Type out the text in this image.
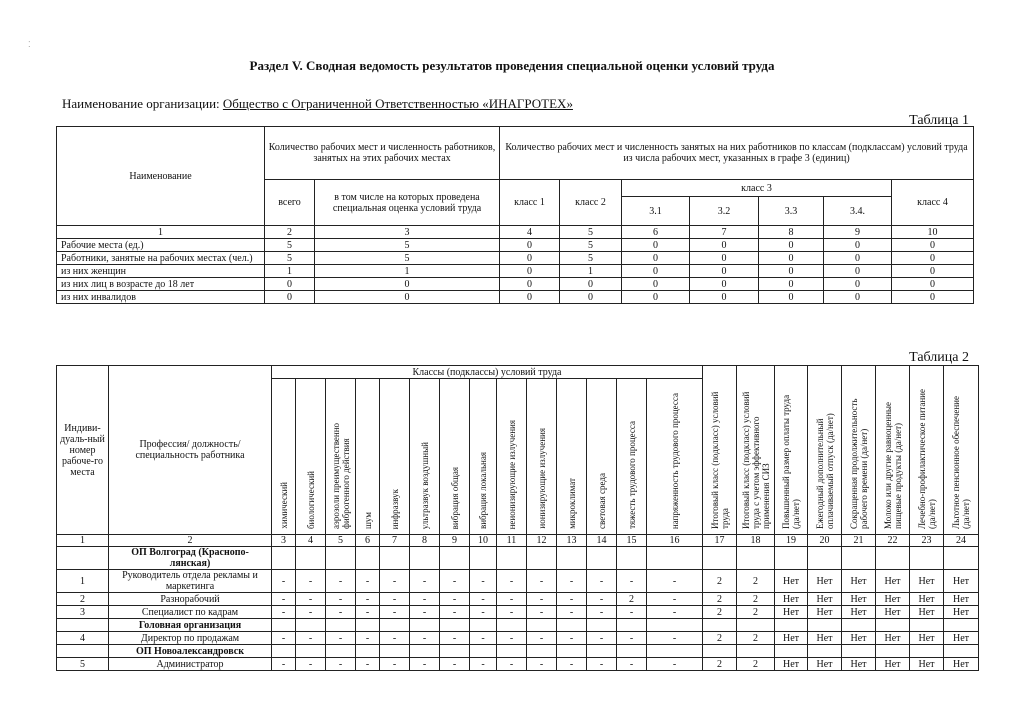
⁚
Раздел V. Сводная ведомость результатов проведения специальной оценки условий труда
Наименование организации: Общество с Ограниченной Ответственностью «ИНАГРОТЕХ»
Таблица 1
Наименование	Количество рабочих мест и численность работников, занятых на этих рабочих местах		Количество рабочих мест и численность занятых на них работников по классам (подклассам) условий труда из числа рабочих мест, указанных в графе 3 (единиц)						
	всего	в том числе на которых проведена специальная оценка условий труда	класс 1	класс 2	класс 3				класс 4
					3.1	3.2	3.3	3.4.	
1	2	3	4	5	6	7	8	9	10
Рабочие места (ед.)	5	5	0	5	0	0	0	0	0
Работники, занятые на рабочих местах (чел.)	5	5	0	5	0	0	0	0	0
из них женщин	1	1	0	1	0	0	0	0	0
из них лиц в возрасте до 18 лет	0	0	0	0	0	0	0	0	0
из них инвалидов	0	0	0	0	0	0	0	0	0
Таблица 2
Индиви-дуаль-ный номер рабоче-го места	Профессия/ должность/ специальность работника	Классы (подклассы) условий труда														Итоговый класс (подкласс) условий труда	Итоговый класс (подкласс) условий труда с учетом эффективного применения СИЗ	Повышенный размер оплаты труда (да/нет)	Ежегодный дополнительный оплачиваемый отпуск (да/нет)	Сокращенная продолжительность рабочего времени (да/нет)	Молоко или другие равноценные пищевые продукты (да/нет)	Лечебно-профилактическое питание (да/нет)	Льготное пенсионное обеспечение (да/нет)
		химический	биологический	аэрозоли преимущественно фиброгенного действия	шум	инфразвук	ультразвук воздушный	вибрация общая	вибрация локальная	неионизирующие излучения	ионизирующие излучения	микроклимат	световая среда	тяжесть трудового процесса	напряженность трудового процесса								
1	2	3	4	5	6	7	8	9	10	11	12	13	14	15	16	17	18	19	20	21	22	23	24
	ОП Волгоград (Краснопо-лянская)																						
1	Руководитель отдела рекламы и маркетинга	-	-	-	-	-	-	-	-	-	-	-	-	-	-	2	2	Нет	Нет	Нет	Нет	Нет	Нет
2	Разнорабочий	-	-	-	-	-	-	-	-	-	-	-	-	2	-	2	2	Нет	Нет	Нет	Нет	Нет	Нет
3	Специалист по кадрам	-	-	-	-	-	-	-	-	-	-	-	-	-	-	2	2	Нет	Нет	Нет	Нет	Нет	Нет
	Головная организация																						
4	Директор по продажам	-	-	-	-	-	-	-	-	-	-	-	-	-	-	2	2	Нет	Нет	Нет	Нет	Нет	Нет
	ОП Новоалександровск																						
5	Администратор	-	-	-	-	-	-	-	-	-	-	-	-	-	-	2	2	Нет	Нет	Нет	Нет	Нет	Нет
